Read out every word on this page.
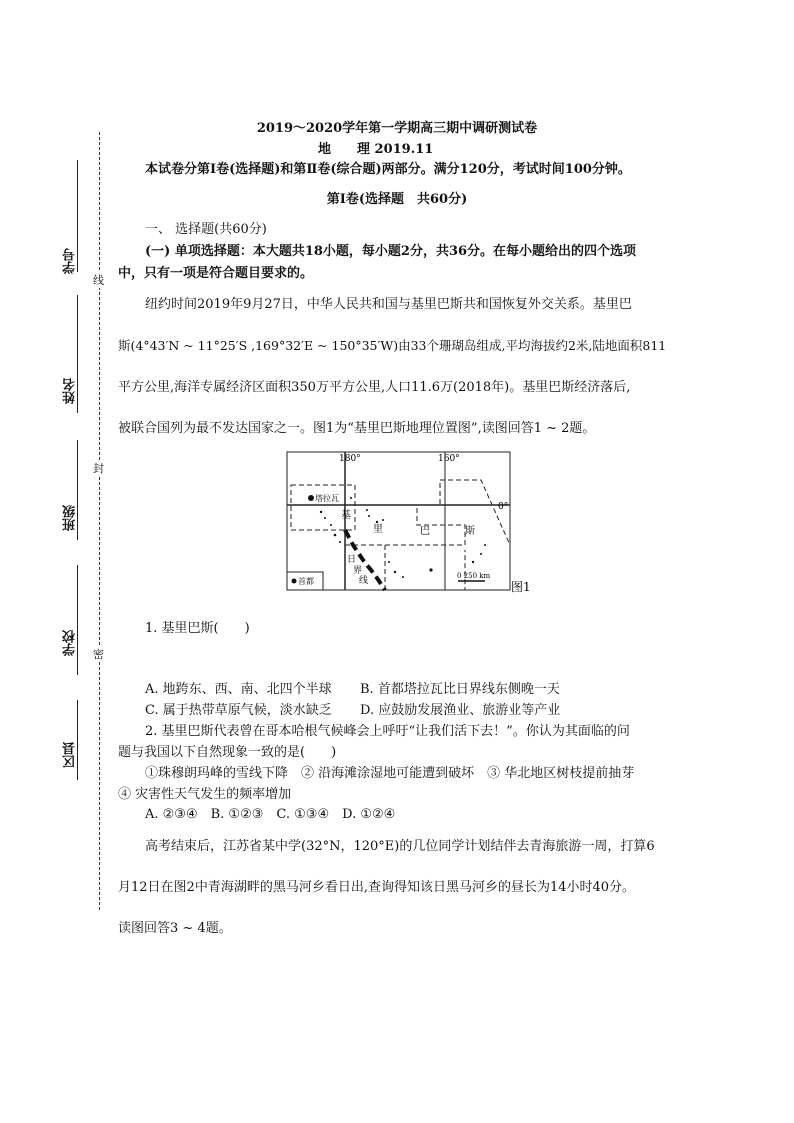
学号
姓名
班级
学校
区县
线
封
密
2019～2020学年第一学期高三期中调研测试卷
地　　理 2019.11
本试卷分第Ⅰ卷(选择题)和第Ⅱ卷(综合题)两部分。满分120分，考试时间100分钟。
第Ⅰ卷(选择题　共60分)
一、 选择题(共60分)
(一) 单项选择题：本大题共18小题，每小题2分，共36分。在每小题给出的四个选项
中，只有一项是符合题目要求的。
纽约时间2019年9月27日，中华人民共和国与基里巴斯共和国恢复外交关系。基里巴
斯(4°43′N ~ 11°25′S ,169°32′E ~ 150°35′W)由33个珊瑚岛组成,平均海拔约2米,陆地面积811
平方公里,海洋专属经济区面积350万平方公里,人口11.6万(2018年)。基里巴斯经济落后,
被联合国列为最不发达国家之一。图1为“基里巴斯地理位置图”,读图回答1 ~ 2题。
180°	160°
0°
塔拉瓦
基
里	巴	斯
日
界
线	0 250 km
首都	图1
1. 基里巴斯(　　)
A. 地跨东、西、南、北四个半球 B. 首都塔拉瓦比日界线东侧晚一天
C. 属于热带草原气候，淡水缺乏 D. 应鼓励发展渔业、旅游业等产业
2. 基里巴斯代表曾在哥本哈根气候峰会上呼吁“让我们活下去！”。你认为其面临的问
题与我国以下自然现象一致的是(　　)
①珠穆朗玛峰的雪线下降　② 沿海滩涂湿地可能遭到破坏　③ 华北地区树枝提前抽芽
④ 灾害性天气发生的频率增加
A. ②③④　B. ①②③　C. ①③④　D. ①②④
高考结束后，江苏省某中学(32°N，120°E)的几位同学计划结伴去青海旅游一周，打算6
月12日在图2中青海湖畔的黑马河乡看日出,查询得知该日黑马河乡的昼长为14小时40分。
读图回答3 ~ 4题。
